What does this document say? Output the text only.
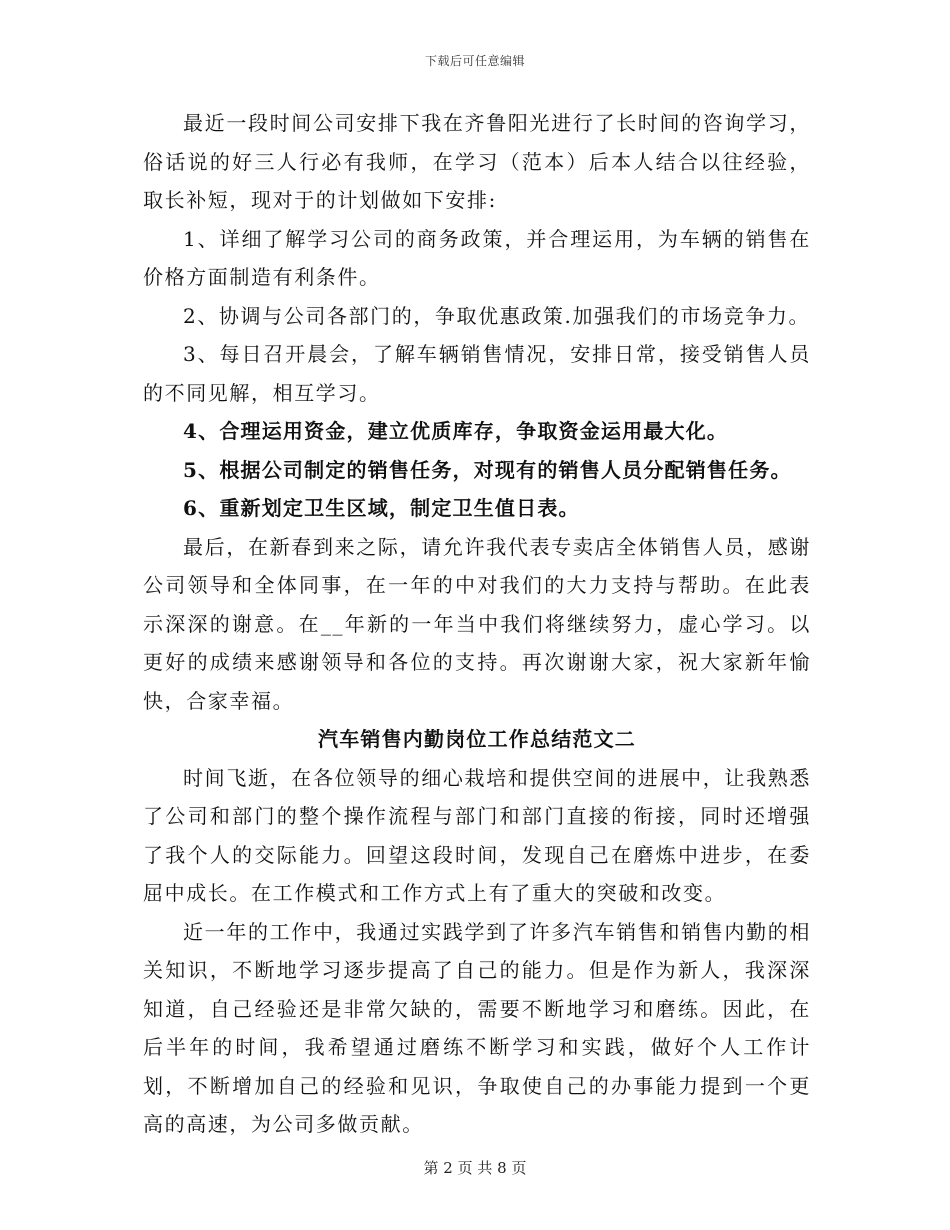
下载后可任意编辑

最近一段时间公司安排下我在齐鲁阳光进行了长时间的咨询学习，俗话说的好三人行必有我师，在学习（范本）后本人结合以往经验，取长补短，现对于的计划做如下安排:

1、详细了解学习公司的商务政策，并合理运用，为车辆的销售在价格方面制造有利条件。

2、协调与公司各部门的，争取优惠政策.加强我们的市场竞争力。

3、每日召开晨会，了解车辆销售情况，安排日常，接受销售人员的不同见解，相互学习。

4、合理运用资金，建立优质库存，争取资金运用最大化。

5、根据公司制定的销售任务，对现有的销售人员分配销售任务。

6、重新划定卫生区域，制定卫生值日表。

最后，在新春到来之际，请允许我代表专卖店全体销售人员，感谢公司领导和全体同事，在一年的中对我们的大力支持与帮助。在此表示深深的谢意。在__年新的一年当中我们将继续努力，虚心学习。以更好的成绩来感谢领导和各位的支持。再次谢谢大家，祝大家新年愉快，合家幸福。

汽车销售内勤岗位工作总结范文二

时间飞逝，在各位领导的细心栽培和提供空间的进展中，让我熟悉了公司和部门的整个操作流程与部门和部门直接的衔接，同时还增强了我个人的交际能力。回望这段时间，发现自己在磨炼中进步，在委屈中成长。在工作模式和工作方式上有了重大的突破和改变。

近一年的工作中，我通过实践学到了许多汽车销售和销售内勤的相关知识，不断地学习逐步提高了自己的能力。但是作为新人，我深深知道，自己经验还是非常欠缺的，需要不断地学习和磨练。因此，在后半年的时间，我希望通过磨练不断学习和实践，做好个人工作计划，不断增加自己的经验和见识，争取使自己的办事能力提到一个更高的高速，为公司多做贡献。

第 2 页 共 8 页
